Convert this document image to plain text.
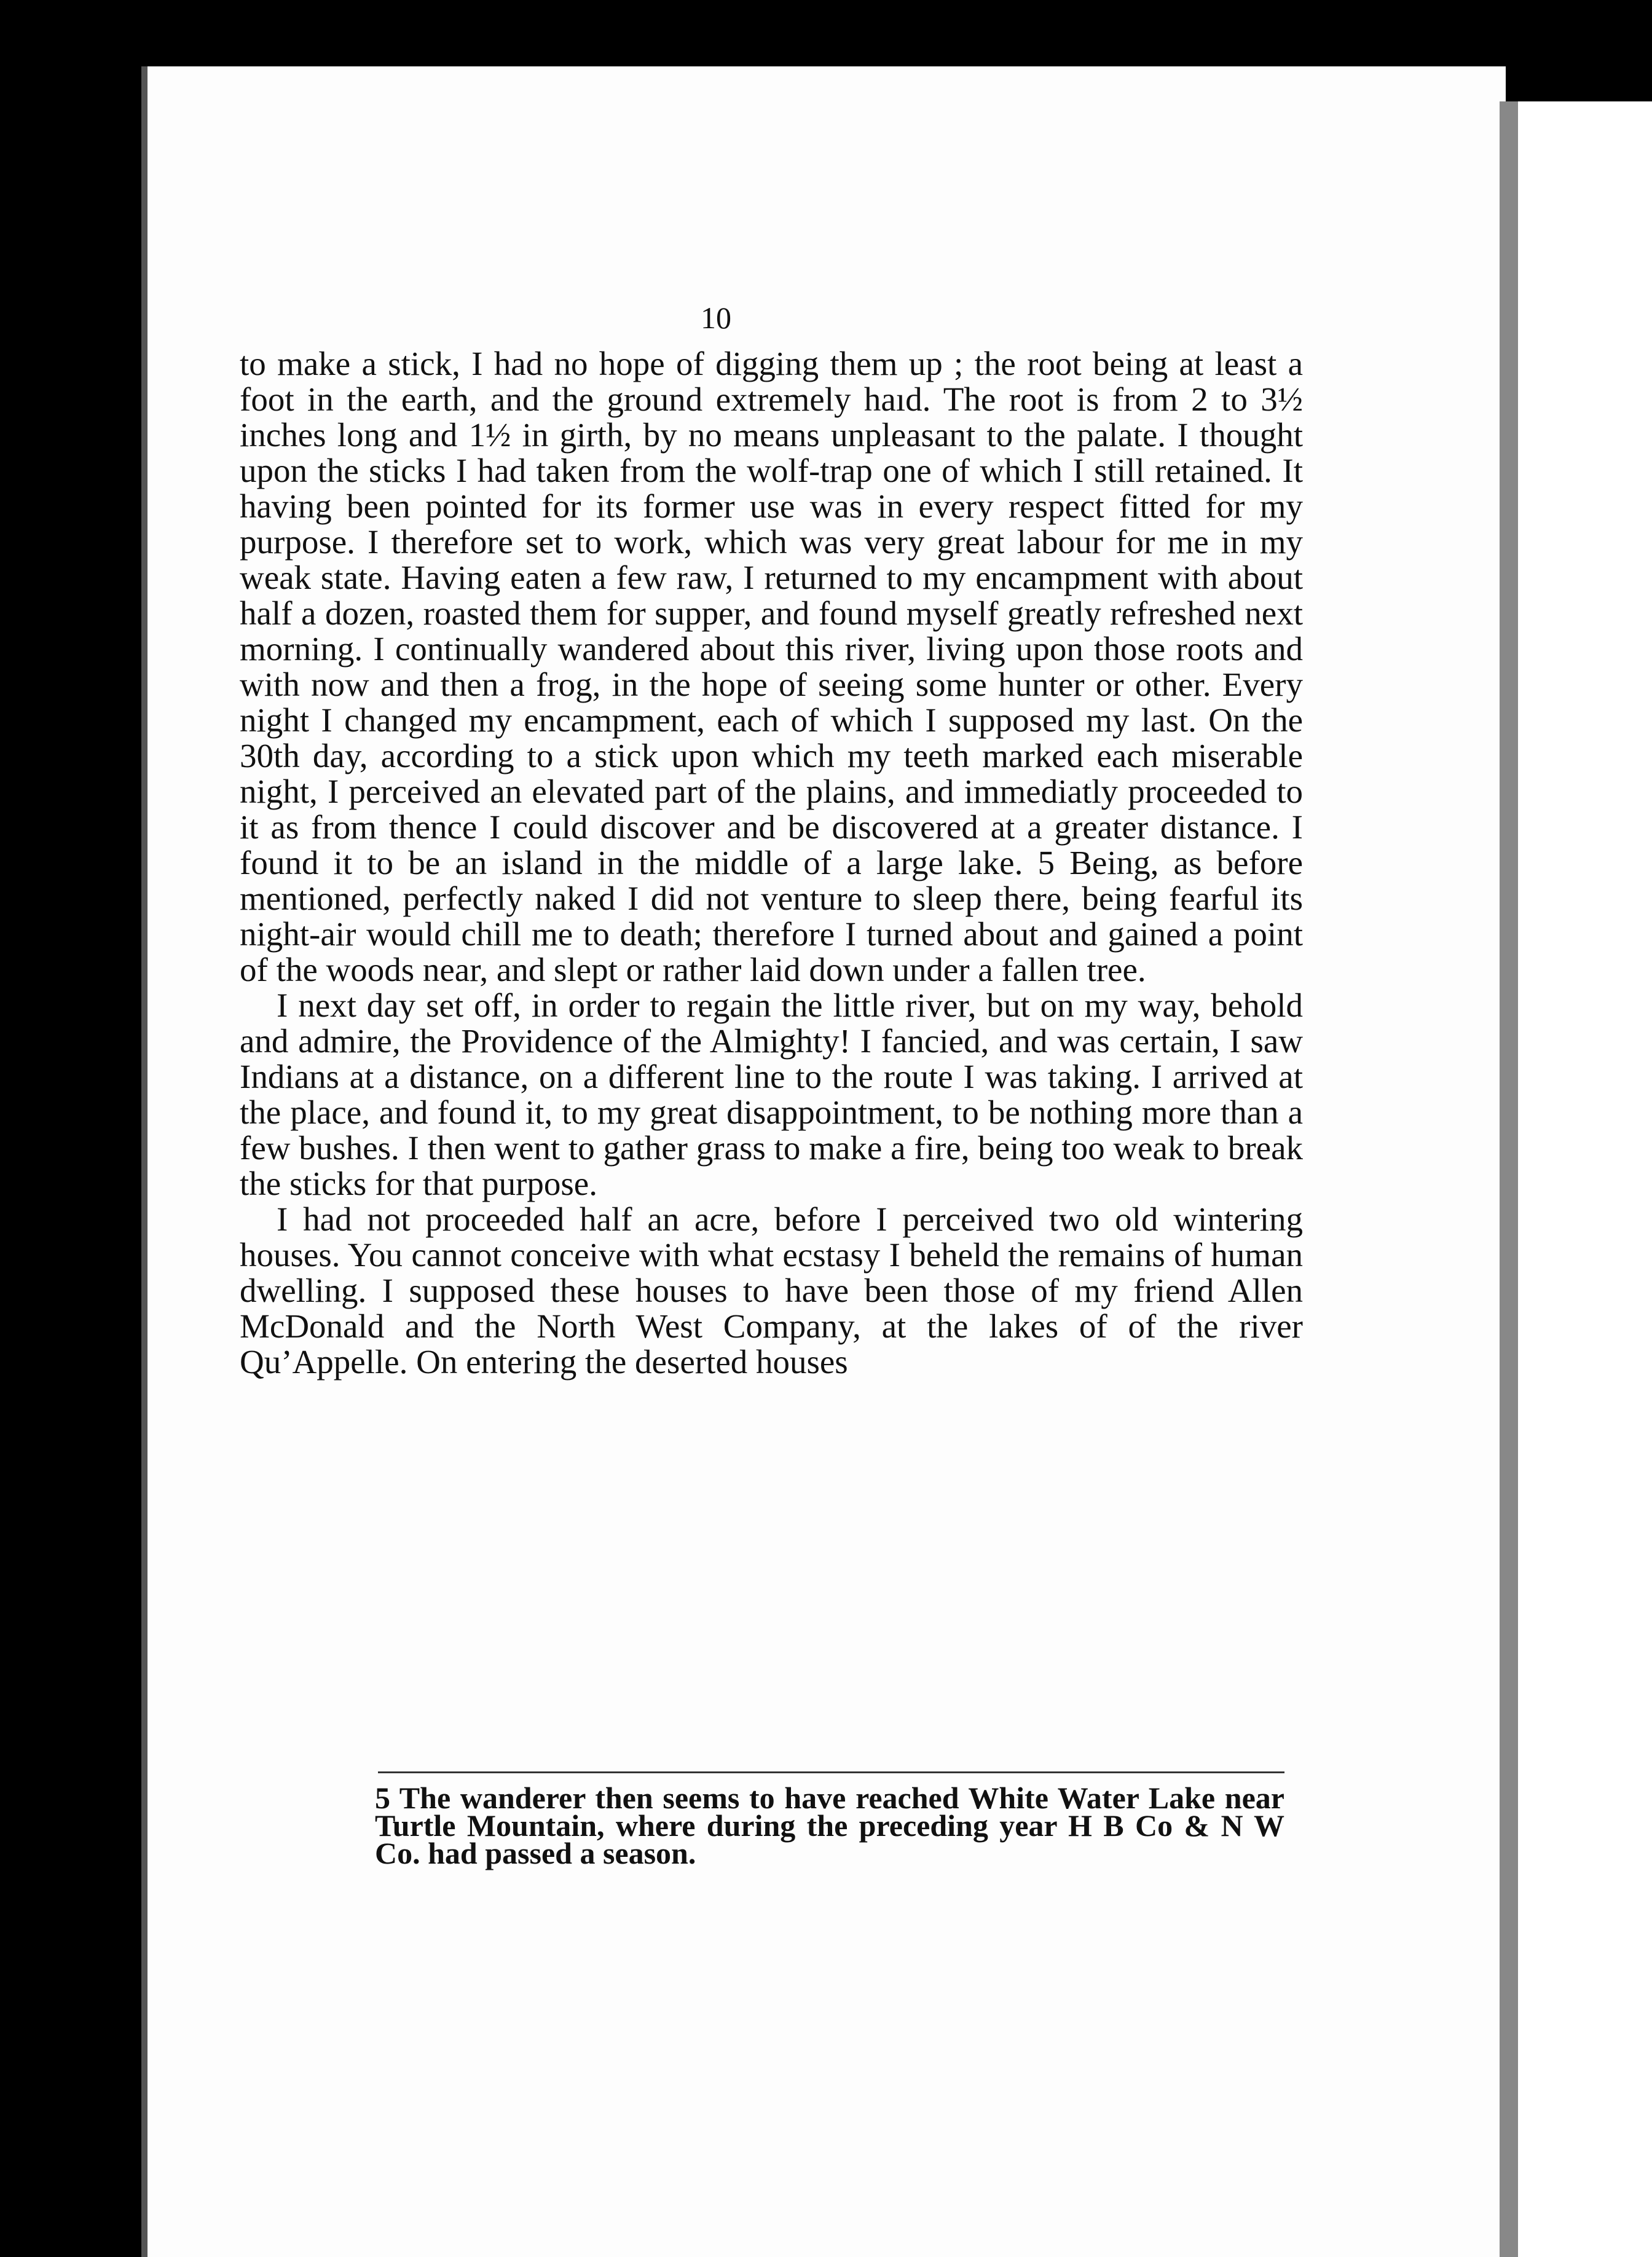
10

to make a stick, I had no hope of digging them up ; the root being at least a foot in the earth, and the ground extremely haıd. The root is from 2 to 3½ inches long and 1½ in girth, by no means unpleasant to the palate. I thought upon the sticks I had taken from the wolf-trap one of which I still retained. It having been pointed for its former use was in every respect fitted for my purpose. I therefore set to work, which was very great labour for me in my weak state. Having eaten a few raw, I returned to my encampment with about half a dozen, roasted them for supper, and found myself greatly refreshed next morning. I continually wandered about this river, living upon those roots and with now and then a frog, in the hope of seeing some hunter or other. Every night I changed my encampment, each of which I supposed my last. On the 30th day, according to a stick upon which my teeth marked each miserable night, I perceived an elevated part of the plains, and immediatly proceeded to it as from thence I could discover and be discovered at a greater distance. I found it to be an island in the middle of a large lake. 5 Being, as before mentioned, perfectly naked I did not venture to sleep there, being fearful its night-air would chill me to death; therefore I turned about and gained a point of the woods near, and slept or rather laid down under a fallen tree.

I next day set off, in order to regain the little river, but on my way, behold and admire, the Providence of the Almighty! I fancied, and was certain, I saw Indians at a distance, on a different line to the route I was taking. I arrived at the place, and found it, to my great disappointment, to be nothing more than a few bushes. I then went to gather grass to make a fire, being too weak to break the sticks for that purpose.

I had not proceeded half an acre, before I perceived two old wintering houses. You cannot conceive with what ecstasy I beheld the remains of human dwelling. I supposed these houses to have been those of my friend Allen McDonald and the North West Company, at the lakes of of the river Qu’Appelle. On entering the deserted houses

5 The wanderer then seems to have reached White Water Lake near Turtle Mountain, where during the preceding year H B Co & N W Co. had passed a season.
